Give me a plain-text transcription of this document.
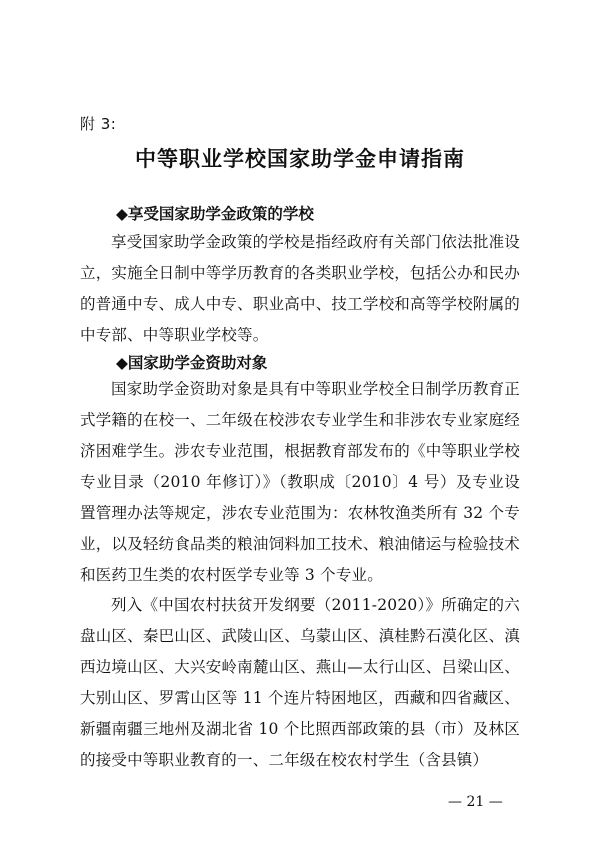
附 3:
中等职业学校国家助学金申请指南
◆享受国家助学金政策的学校
享受国家助学金政策的学校是指经政府有关部门依法批准设立，实施全日制中等学历教育的各类职业学校，包括公办和民办的普通中专、成人中专、职业高中、技工学校和高等学校附属的中专部、中等职业学校等。
◆国家助学金资助对象
国家助学金资助对象是具有中等职业学校全日制学历教育正式学籍的在校一、二年级在校涉农专业学生和非涉农专业家庭经济困难学生。涉农专业范围，根据教育部发布的《中等职业学校专业目录（2010 年修订）》（教职成〔2010〕4 号）及专业设置管理办法等规定，涉农专业范围为：农林牧渔类所有 32 个专业，以及轻纺食品类的粮油饲料加工技术、粮油储运与检验技术和医药卫生类的农村医学专业等 3 个专业。
列入《中国农村扶贫开发纲要（2011-2020）》所确定的六盘山区、秦巴山区、武陵山区、乌蒙山区、滇桂黔石漠化区、滇西边境山区、大兴安岭南麓山区、燕山—太行山区、吕梁山区、大别山区、罗霄山区等 11 个连片特困地区，西藏和四省藏区、新疆南疆三地州及湖北省 10 个比照西部政策的县（市）及林区的接受中等职业教育的一、二年级在校农村学生（含县镇）
— 21 —
